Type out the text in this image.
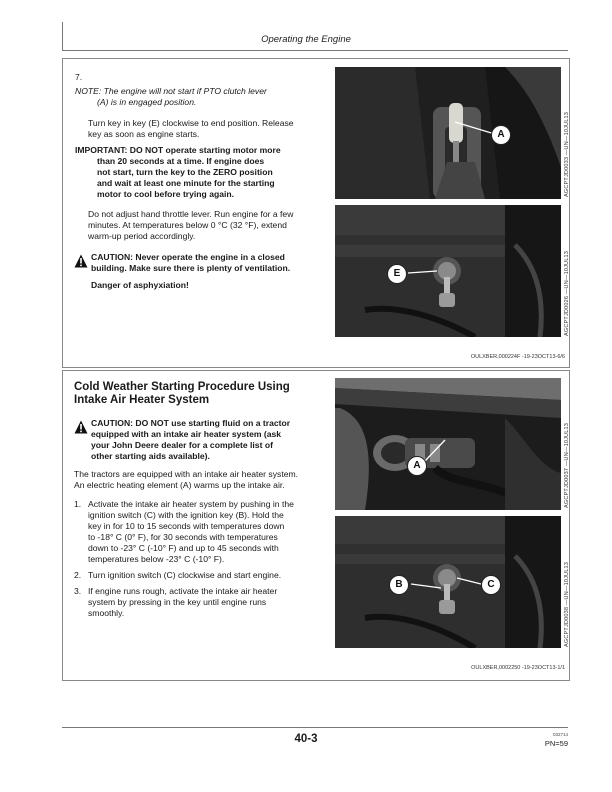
Operating the Engine
7.
NOTE: The engine will not start if PTO clutch lever
(A) is in engaged position.
Turn key in key (E) clockwise to end position. Release
key as soon as engine starts.
IMPORTANT: DO NOT operate starting motor more
than 20 seconds at a time. If engine does
not start, turn the key to the ZERO position
and wait at least one minute for the starting
motor to cool before trying again.
Do not adjust hand throttle lever. Run engine for a few
minutes. At temperatures below 0 °C (32 °F), extend
warm-up period accordingly.
CAUTION: Never operate the engine in a closed
building. Make sure there is plenty of ventilation.
Danger of asphyxiation!
A	AGCPTJD0033 —UN—10JUL13
E	AGCPTJD0026 —UN—10JUL13
OULXBER,000224F -19-23OCT13-6/6
Cold Weather Starting Procedure Using
Intake Air Heater System
CAUTION: DO NOT use starting fluid on a tractor
equipped with an intake air heater system (ask
your John Deere dealer for a complete list of
other starting aids available).
The tractors are equipped with an intake air heater system.
An electric heating element (A) warms up the intake air.
1. Activate the intake air heater system by pushing in the
ignition switch (C) with the ignition key (B). Hold the
key in for 10 to 15 seconds with temperatures down
to -18° C (0° F), for 30 seconds with temperatures
down to -23° C (-10° F) and up to 45 seconds with
temperatures below -23° C (-10° F).
2. Turn ignition switch (C) clockwise and start engine.
3. If engine runs rough, activate the intake air heater
system by pressing in the key until engine runs
smoothly.
A	AGCPTJD0037 —UN—10JUL13
B	C	AGCPTJD0038 —UN—10JUL13
OULXBER,0002250 -19-23OCT13-1/1
40-3	032714
PN=59
